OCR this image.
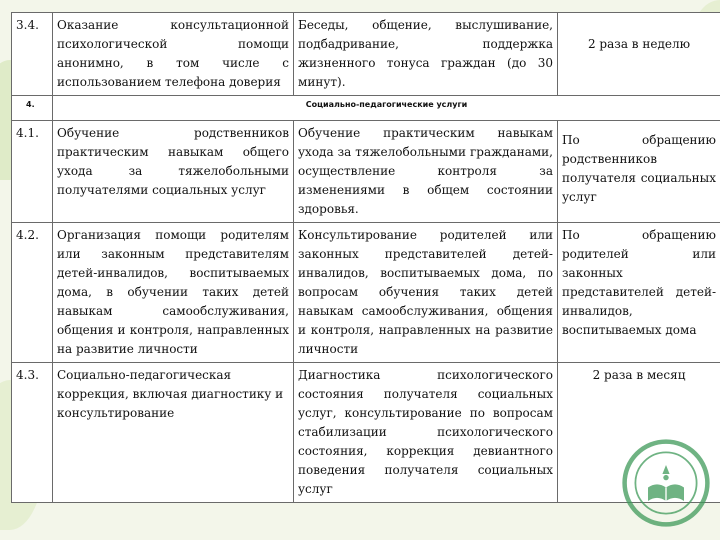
3.4.	Оказание консультационной психологической помощи анонимно, в том числе с использованием телефона доверия	Беседы, общение, выслушивание, подбадривание, поддержка жизненного тонуса граждан (до 30 минут).	2 раза в неделю
4.	Социально-педагогические услуги		
4.1.	Обучение родственников практическим навыкам общего ухода за тяжелобольными получателями социальных услуг	Обучение практическим навыкам ухода за тяжелобольными гражданами, осуществление контроля за изменениями в общем состоянии здоровья.	По обращению родственников получателя социальных услуг
4.2.	Организация помощи родителям или законным представителям детей-инвалидов, воспитываемых дома, в обучении таких детей навыкам самообслуживания, общения и контроля, направленных на развитие личности	Консультирование родителей или законных представителей детей-инвалидов, воспитываемых дома, по вопросам обучения таких детей навыкам самообслуживания, общения и контроля, направленных на развитие личности	По обращению родителей или законных представителей детей-инвалидов, воспитываемых дома
4.3.	Социально-педагогическая коррекция, включая диагностику и консультирование	Диагностика психологического состояния получателя социальных услуг, консультирование по вопросам стабилизации психологического состояния, коррекция девиантного поведения получателя социальных услуг	2 раза в месяц
